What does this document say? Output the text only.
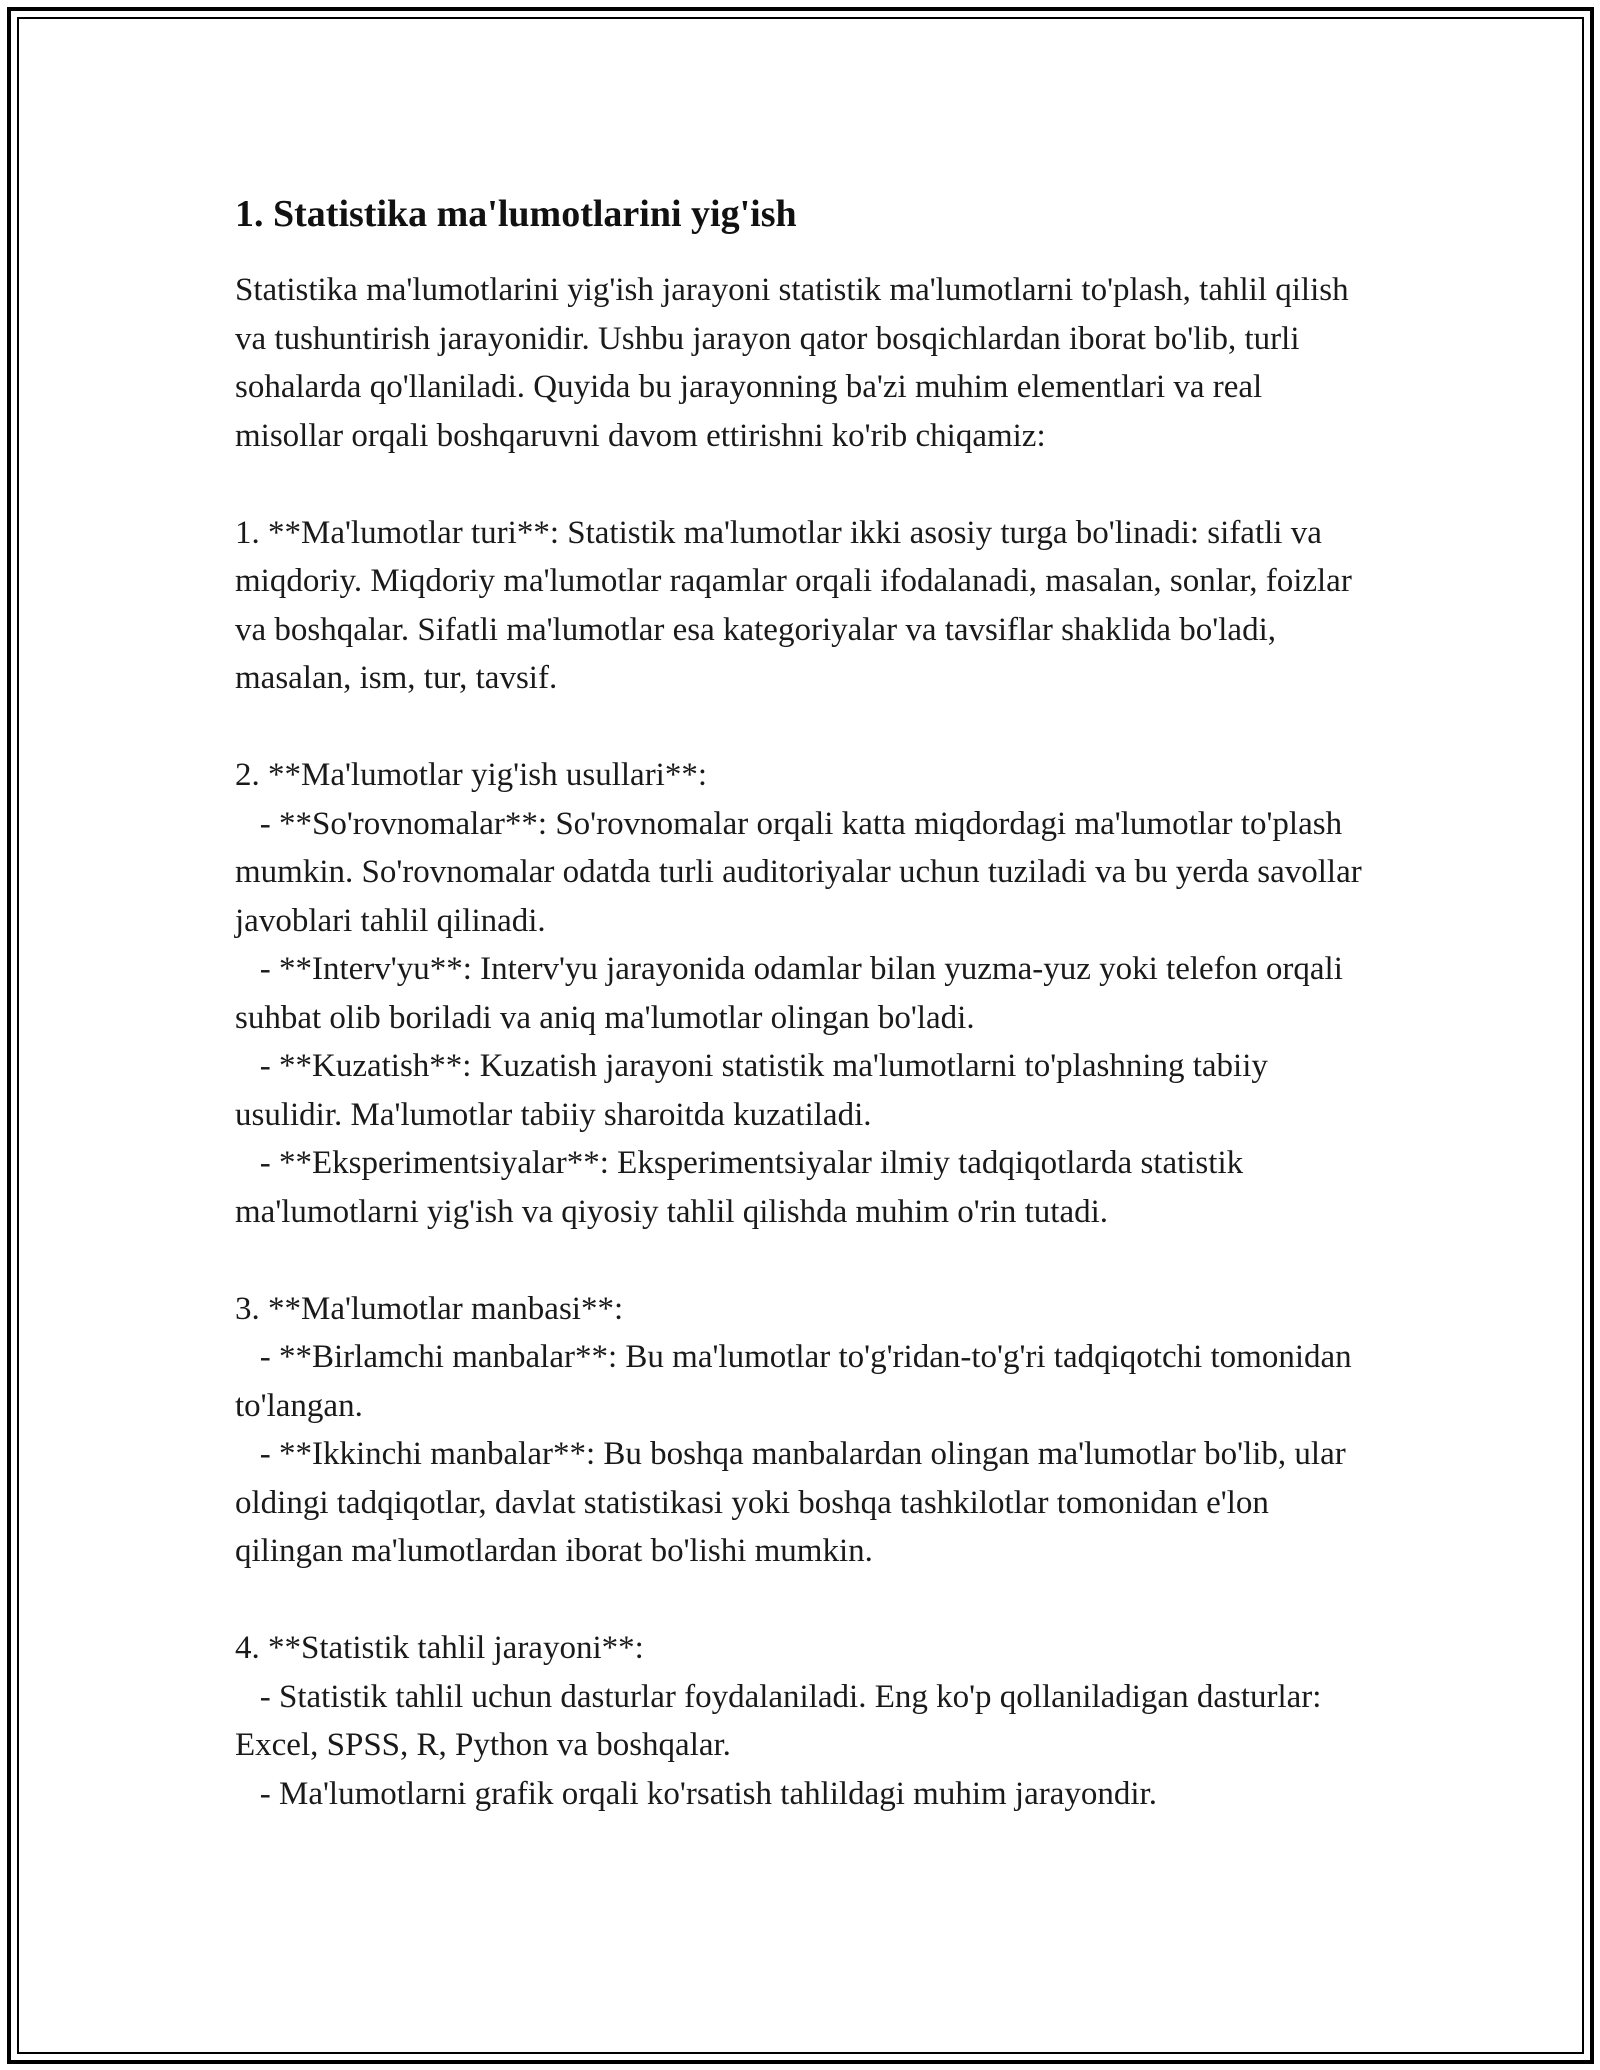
1. Statistika ma'lumotlarini yig'ish

Statistika ma'lumotlarini yig'ish jarayoni statistik ma'lumotlarni to'plash, tahlil qilish va tushuntirish jarayonidir. Ushbu jarayon qator bosqichlardan iborat bo'lib, turli sohalarda qo'llaniladi. Quyida bu jarayonning ba'zi muhim elementlari va real misollar orqali boshqaruvni davom ettirishni ko'rib chiqamiz:

1. **Ma'lumotlar turi**: Statistik ma'lumotlar ikki asosiy turga bo'linadi: sifatli va miqdoriy. Miqdoriy ma'lumotlar raqamlar orqali ifodalanadi, masalan, sonlar, foizlar va boshqalar. Sifatli ma'lumotlar esa kategoriyalar va tavsiflar shaklida bo'ladi, masalan, ism, tur, tavsif.

2. **Ma'lumotlar yig'ish usullari**:
- **So'rovnomalar**: So'rovnomalar orqali katta miqdordagi ma'lumotlar to'plash mumkin. So'rovnomalar odatda turli auditoriyalar uchun tuziladi va bu yerda savollar javoblari tahlil qilinadi.
- **Interv'yu**: Interv'yu jarayonida odamlar bilan yuzma-yuz yoki telefon orqali suhbat olib boriladi va aniq ma'lumotlar olingan bo'ladi.
- **Kuzatish**: Kuzatish jarayoni statistik ma'lumotlarni to'plashning tabiiy usulidir. Ma'lumotlar tabiiy sharoitda kuzatiladi.
- **Eksperimentsiyalar**: Eksperimentsiyalar ilmiy tadqiqotlarda statistik ma'lumotlarni yig'ish va qiyosiy tahlil qilishda muhim o'rin tutadi.

3. **Ma'lumotlar manbasi**:
- **Birlamchi manbalar**: Bu ma'lumotlar to'g'ridan-to'g'ri tadqiqotchi tomonidan to'langan.
- **Ikkinchi manbalar**: Bu boshqa manbalardan olingan ma'lumotlar bo'lib, ular oldingi tadqiqotlar, davlat statistikasi yoki boshqa tashkilotlar tomonidan e'lon qilingan ma'lumotlardan iborat bo'lishi mumkin.

4. **Statistik tahlil jarayoni**:
- Statistik tahlil uchun dasturlar foydalaniladi. Eng ko'p qollaniladigan dasturlar: Excel, SPSS, R, Python va boshqalar.
- Ma'lumotlarni grafik orqali ko'rsatish tahlildagi muhim jarayondir.
